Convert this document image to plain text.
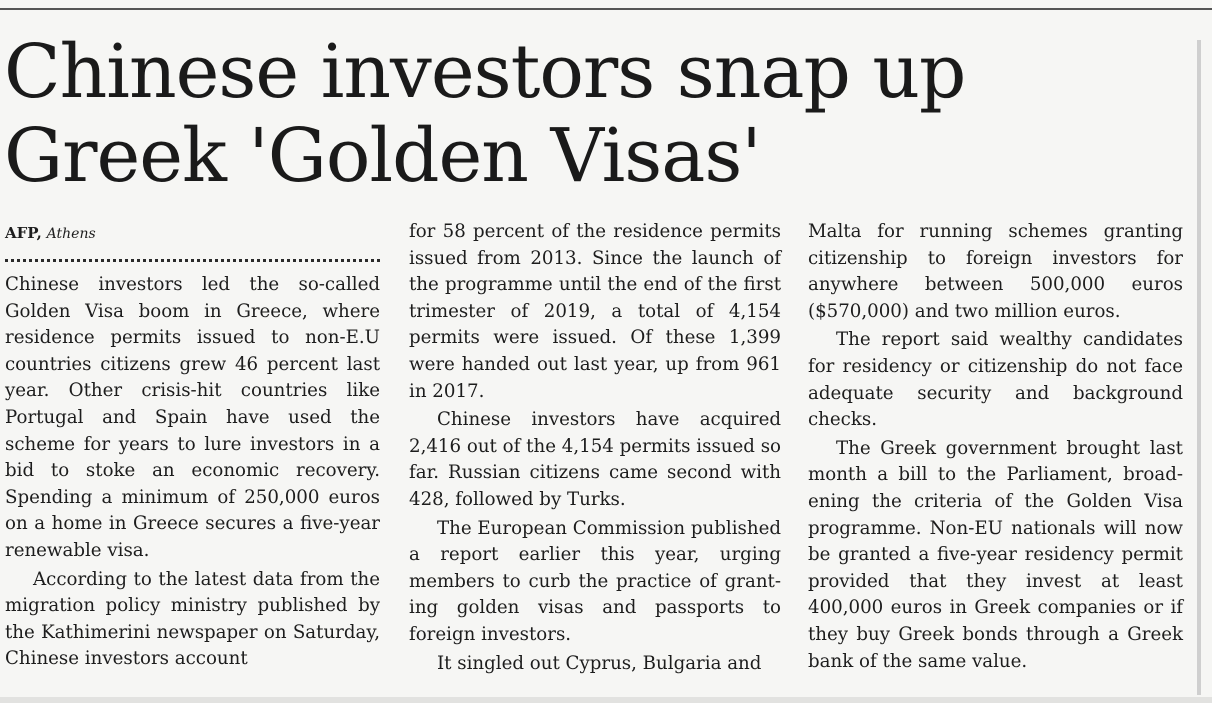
Chinese investors snap up Greek 'Golden Visas'
AFP, Athens

Chinese investors led the so-called Golden Visa boom in Greece, where residence permits issued to non-E.U countries citizens grew 46 percent last year. Other crisis-hit countries like Portugal and Spain have used the scheme for years to lure investors in a bid to stoke an economic recovery. Spending a minimum of 250,000 euros on a home in Greece secures a five-year renewable visa.

According to the latest data from the migration policy ministry published by the Kathimerini newspaper on Saturday, Chinese investors account

for 58 percent of the residence permits issued from 2013. Since the launch of the programme until the end of the first trimester of 2019, a total of 4,154 permits were issued. Of these 1,399 were handed out last year, up from 961 in 2017.

Chinese investors have acquired 2,416 out of the 4,154 permits issued so far. Russian citizens came second with 428, followed by Turks.

The European Commission published a report earlier this year, urging members to curb the practice of granting golden visas and passports to foreign investors.

It singled out Cyprus, Bulgaria and

Malta for running schemes granting citizenship to foreign investors for anywhere between 500,000 euros ($570,000) and two million euros.

The report said wealthy candidates for residency or citizenship do not face adequate security and background checks.

The Greek government brought last month a bill to the Parliament, broadening the criteria of the Golden Visa programme. Non-EU nationals will now be granted a five-year residency permit provided that they invest at least 400,000 euros in Greek companies or if they buy Greek bonds through a Greek bank of the same value.
